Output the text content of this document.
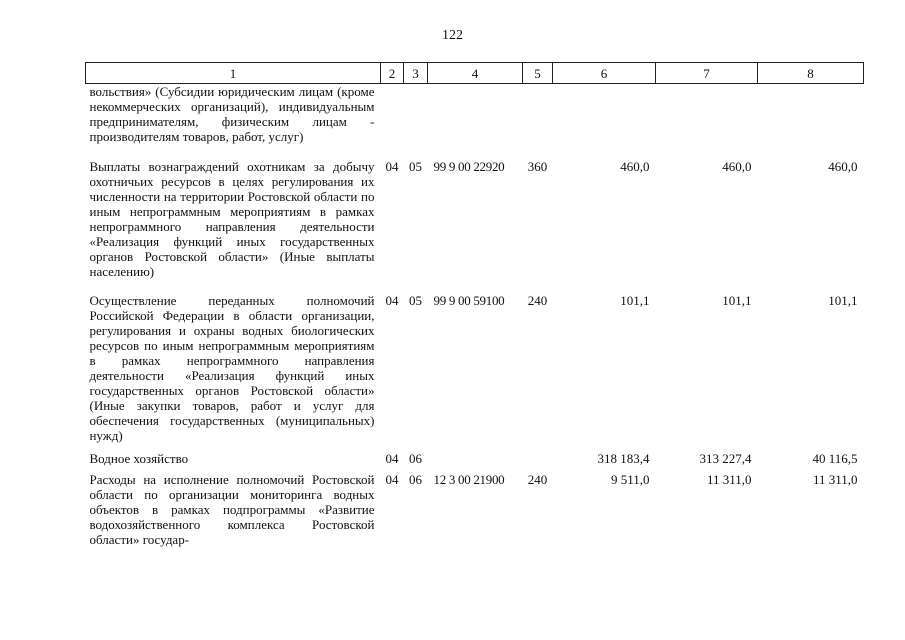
122
1	2	3	4	5	6	7	8
вольствия» (Субсидии юридическим лицам (кроме некоммерческих организаций), индивидуальным предпринимателям, физическим лицам - производителям товаров, работ, услуг)							
Выплаты вознаграждений охотникам за добычу охотничьих ресурсов в целях регулирования их численности на территории Ростовской области по иным непрограммным мероприятиям в рамках непрограммного направления деятельности «Реализация функций иных государственных органов Ростовской области» (Иные выплаты населению)	04	05	99 9 00 22920	360	460,0	460,0	460,0
Осуществление переданных полномочий Российской Федерации в области организации, регулирования и охраны водных биологических ресурсов по иным непрограммным мероприятиям в рамках непрограммного направления деятельности «Реализация функций иных государственных органов Ростовской области» (Иные закупки товаров, работ и услуг для обеспечения государственных (муниципальных) нужд)	04	05	99 9 00 59100	240	101,1	101,1	101,1
Водное хозяйство	04	06			318 183,4	313 227,4	40 116,5
Расходы на исполнение полномочий Ростовской области по организации мониторинга водных объектов в рамках подпрограммы «Развитие водохозяйственного комплекса Ростовской области» государ-	04	06	12 3 00 21900	240	9 511,0	11 311,0	11 311,0
